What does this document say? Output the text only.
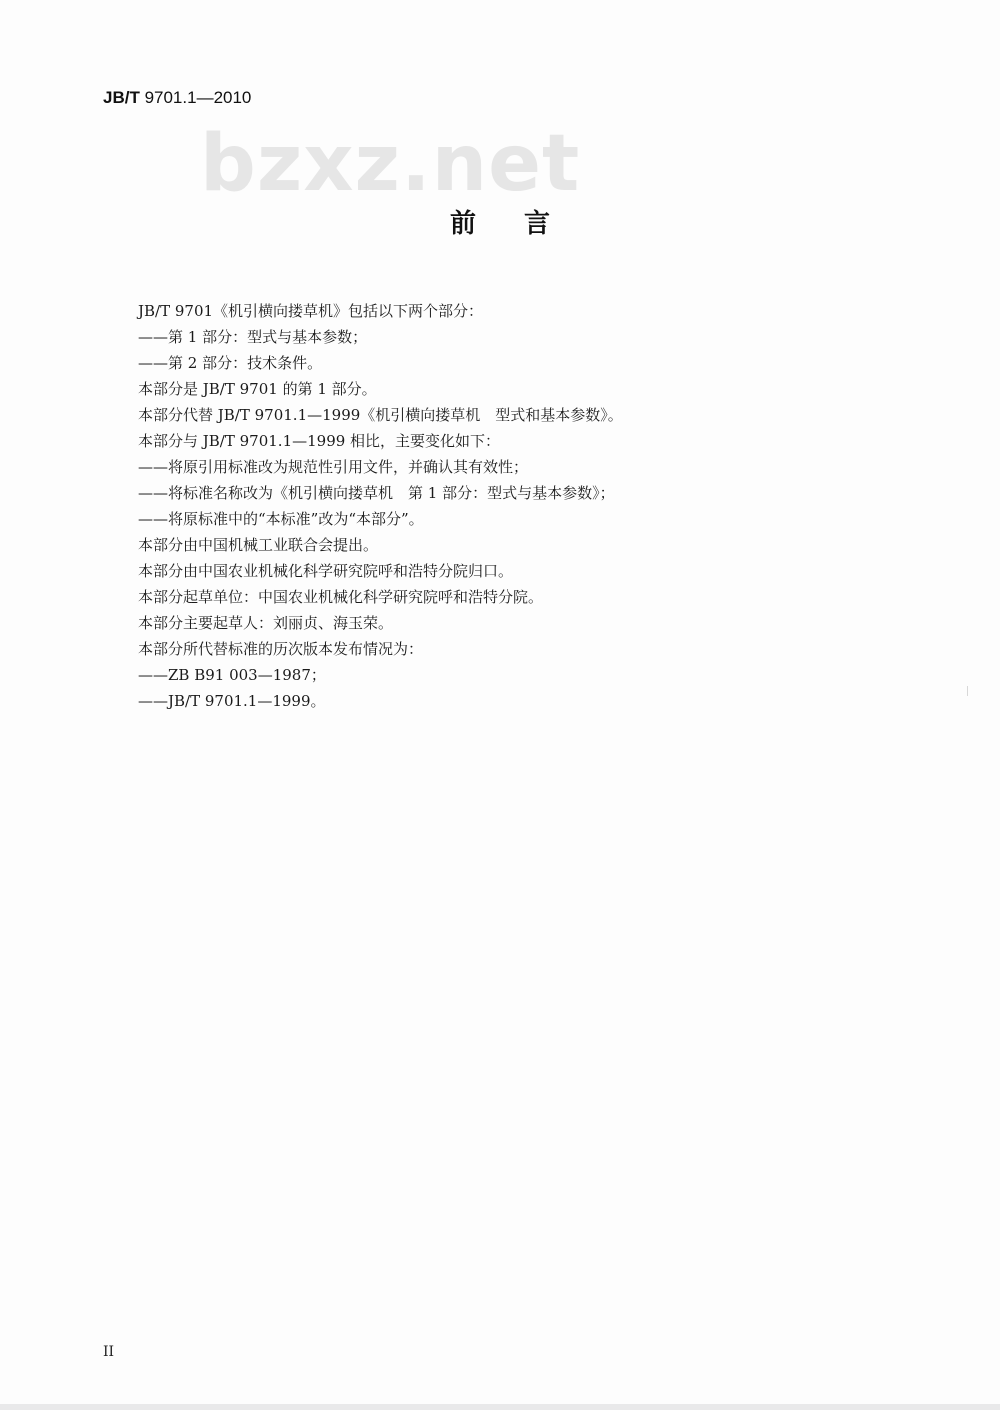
JB/T 9701.1—2010
bzxz.net
前言
JB/T 9701《机引横向搂草机》包括以下两个部分：
——第 1 部分：型式与基本参数；
——第 2 部分：技术条件。
本部分是 JB/T 9701 的第 1 部分。
本部分代替 JB/T 9701.1—1999《机引横向搂草机　型式和基本参数》。
本部分与 JB/T 9701.1—1999 相比，主要变化如下：
——将原引用标准改为规范性引用文件，并确认其有效性；
——将标准名称改为《机引横向搂草机　第 1 部分：型式与基本参数》；
——将原标准中的“本标准”改为“本部分”。
本部分由中国机械工业联合会提出。
本部分由中国农业机械化科学研究院呼和浩特分院归口。
本部分起草单位：中国农业机械化科学研究院呼和浩特分院。
本部分主要起草人：刘丽贞、海玉荣。
本部分所代替标准的历次版本发布情况为：
——ZB B91 003—1987；
——JB/T 9701.1—1999。
II
